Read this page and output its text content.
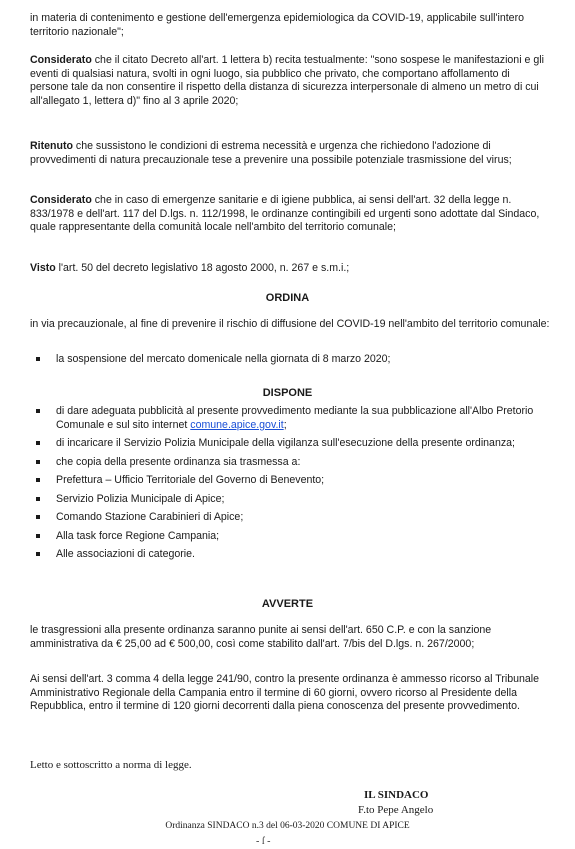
in materia di contenimento e gestione dell'emergenza epidemiologica da COVID-19, applicabile sull'intero territorio nazionale";

Considerato che il citato Decreto all'art. 1 lettera b) recita testualmente: "sono sospese le manifestazioni e gli eventi di qualsiasi natura, svolti in ogni luogo, sia pubblico che privato, che comportano affollamento di persone tale da non consentire il rispetto della distanza di sicurezza interpersonale di almeno un metro di cui all'allegato 1, lettera d)" fino al 3 aprile 2020;

Ritenuto che sussistono le condizioni di estrema necessità e urgenza che richiedono l'adozione di provvedimenti di natura precauzionale tese a prevenire una possibile potenziale trasmissione del virus;

Considerato che in caso di emergenze sanitarie e di igiene pubblica, ai sensi dell'art. 32 della legge n. 833/1978 e dell'art. 117 del D.lgs. n. 112/1998, le ordinanze contingibili ed urgenti sono adottate dal Sindaco, quale rappresentante della comunità locale nell'ambito del territorio comunale;

Visto l'art. 50 del decreto legislativo 18 agosto 2000, n. 267 e s.m.i.;

ORDINA

in via precauzionale, al fine di prevenire il rischio di diffusione del COVID-19 nell'ambito del territorio comunale:

la sospensione del mercato domenicale nella giornata di 8 marzo 2020;

DISPONE

di dare adeguata pubblicità al presente provvedimento mediante la sua pubblicazione all'Albo Pretorio Comunale e sul sito internet comune.apice.gov.it;
di incaricare il Servizio Polizia Municipale della vigilanza sull'esecuzione della presente ordinanza;
che copia della presente ordinanza sia trasmessa a:
Prefettura – Ufficio Territoriale del Governo di Benevento;
Servizio Polizia Municipale di Apice;
Comando Stazione Carabinieri di Apice;
Alla task force Regione Campania;
Alle associazioni di categorie.

AVVERTE

le trasgressioni alla presente ordinanza saranno punite ai sensi dell'art. 650 C.P. e con la sanzione amministrativa da € 25,00 ad € 500,00, così come stabilito dall'art. 7/bis del D.lgs. n. 267/2000;

Ai sensi dell'art. 3 comma 4 della legge 241/90, contro la presente ordinanza è ammesso ricorso al Tribunale Amministrativo Regionale della Campania entro il termine di 60 giorni, ovvero ricorso al Presidente della Repubblica, entro il termine di 120 giorni decorrenti dalla piena conoscenza del presente provvedimento.

Letto e sottoscritto a norma di legge.

IL SINDACO
F.to Pepe Angelo
Ordinanza SINDACO n.3 del 06-03-2020 COMUNE DI APICE
- ſ -
